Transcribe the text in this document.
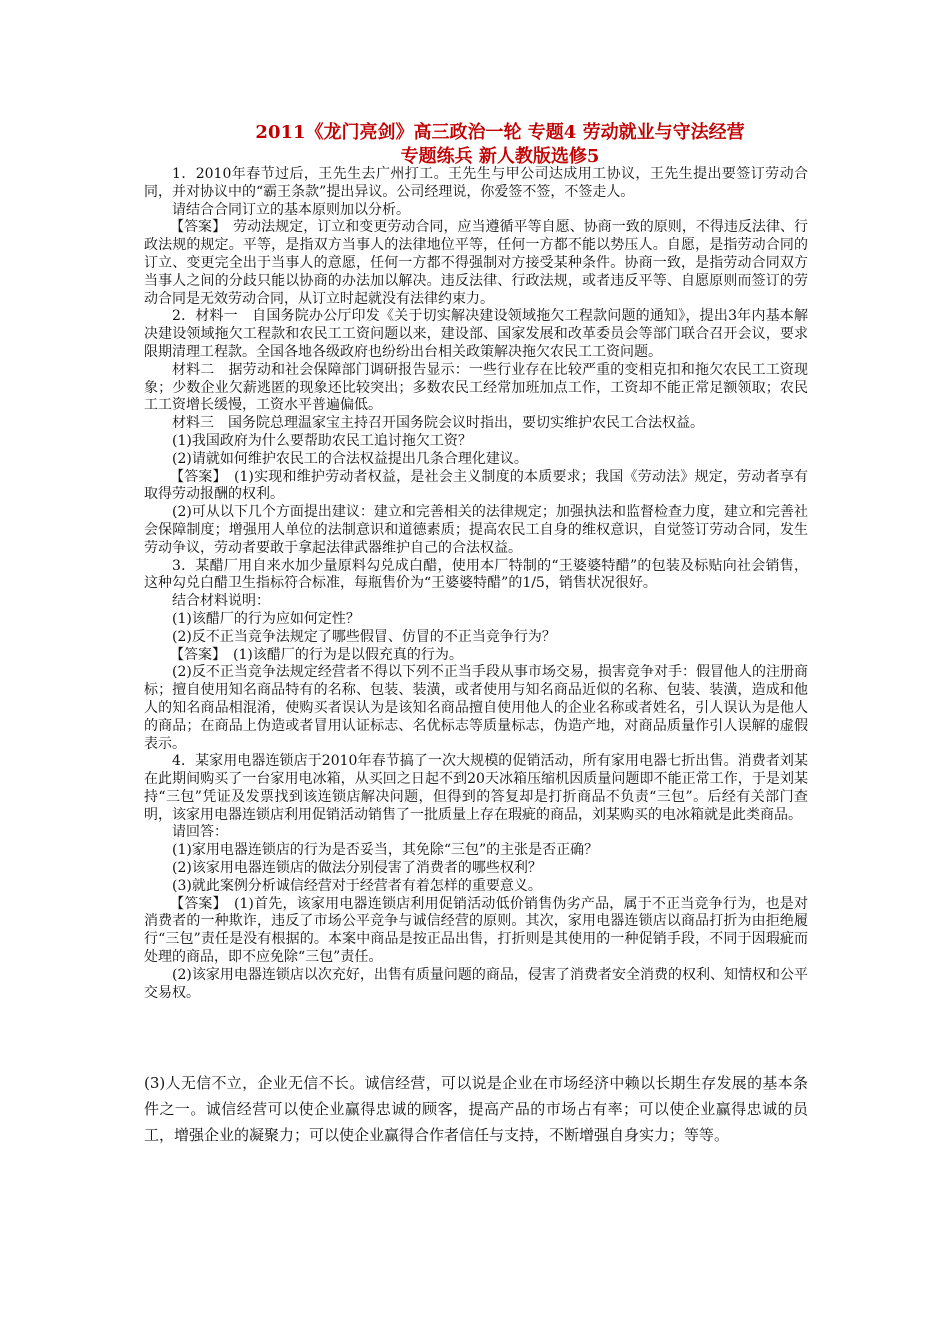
2011《龙门亮剑》高三政治一轮 专题4 劳动就业与守法经营
专题练兵 新人教版选修5

1．2010年春节过后，王先生去广州打工。王先生与甲公司达成用工协议，王先生提出要签订劳动合同，并对协议中的“霸王条款”提出异议。公司经理说，你爱签不签，不签走人。

请结合合同订立的基本原则加以分析。

【答案】　劳动法规定，订立和变更劳动合同，应当遵循平等自愿、协商一致的原则，不得违反法律、行政法规的规定。平等，是指双方当事人的法律地位平等，任何一方都不能以势压人。自愿，是指劳动合同的订立、变更完全出于当事人的意愿，任何一方都不得强制对方接受某种条件。协商一致，是指劳动合同双方当事人之间的分歧只能以协商的办法加以解决。违反法律、行政法规，或者违反平等、自愿原则而签订的劳动合同是无效劳动合同，从订立时起就没有法律约束力。

2．材料一　自国务院办公厅印发《关于切实解决建设领域拖欠工程款问题的通知》，提出3年内基本解决建设领域拖欠工程款和农民工工资问题以来，建设部、国家发展和改革委员会等部门联合召开会议，要求限期清理工程款。全国各地各级政府也纷纷出台相关政策解决拖欠农民工工资问题。

材料二　据劳动和社会保障部门调研报告显示：一些行业存在比较严重的变相克扣和拖欠农民工工资现象；少数企业欠薪逃匿的现象还比较突出；多数农民工经常加班加点工作，工资却不能正常足额领取；农民工工资增长缓慢，工资水平普遍偏低。

材料三　国务院总理温家宝主持召开国务院会议时指出，要切实维护农民工合法权益。

(1)我国政府为什么要帮助农民工追讨拖欠工资？

(2)请就如何维护农民工的合法权益提出几条合理化建议。

【答案】　(1)实现和维护劳动者权益，是社会主义制度的本质要求；我国《劳动法》规定，劳动者享有取得劳动报酬的权利。

(2)可从以下几个方面提出建议：建立和完善相关的法律规定；加强执法和监督检查力度，建立和完善社会保障制度；增强用人单位的法制意识和道德素质；提高农民工自身的维权意识，自觉签订劳动合同，发生劳动争议，劳动者要敢于拿起法律武器维护自己的合法权益。

3．某醋厂用自来水加少量原料勾兑成白醋，使用本厂特制的“王婆婆特醋”的包装及标贴向社会销售，这种勾兑白醋卫生指标符合标准，每瓶售价为“王婆婆特醋”的1/5，销售状况很好。

结合材料说明：

(1)该醋厂的行为应如何定性？

(2)反不正当竞争法规定了哪些假冒、仿冒的不正当竞争行为？

【答案】　(1)该醋厂的行为是以假充真的行为。

(2)反不正当竞争法规定经营者不得以下列不正当手段从事市场交易，损害竞争对手：假冒他人的注册商标；擅自使用知名商品特有的名称、包装、装潢，或者使用与知名商品近似的名称、包装、装潢，造成和他人的知名商品相混淆，使购买者误认为是该知名商品擅自使用他人的企业名称或者姓名，引人误认为是他人的商品；在商品上伪造或者冒用认证标志、名优标志等质量标志，伪造产地，对商品质量作引人误解的虚假表示。

4．某家用电器连锁店于2010年春节搞了一次大规模的促销活动，所有家用电器七折出售。消费者刘某在此期间购买了一台家用电冰箱，从买回之日起不到20天冰箱压缩机因质量问题即不能正常工作，于是刘某持“三包”凭证及发票找到该连锁店解决问题，但得到的答复却是打折商品不负责“三包”。后经有关部门查明，该家用电器连锁店利用促销活动销售了一批质量上存在瑕疵的商品，刘某购买的电冰箱就是此类商品。

请回答：

(1)家用电器连锁店的行为是否妥当，其免除“三包”的主张是否正确？

(2)该家用电器连锁店的做法分别侵害了消费者的哪些权利？

(3)就此案例分析诚信经营对于经营者有着怎样的重要意义。

【答案】　(1)首先，该家用电器连锁店利用促销活动低价销售伪劣产品，属于不正当竞争行为，也是对消费者的一种欺诈，违反了市场公平竞争与诚信经营的原则。其次，家用电器连锁店以商品打折为由拒绝履行“三包”责任是没有根据的。本案中商品是按正品出售，打折则是其使用的一种促销手段，不同于因瑕疵而处理的商品，即不应免除“三包”责任。

(2)该家用电器连锁店以次充好，出售有质量问题的商品，侵害了消费者安全消费的权利、知情权和公平交易权。

(3)人无信不立，企业无信不长。诚信经营，可以说是企业在市场经济中赖以长期生存发展的基本条件之一。诚信经营可以使企业赢得忠诚的顾客，提高产品的市场占有率；可以使企业赢得忠诚的员工，增强企业的凝聚力；可以使企业赢得合作者信任与支持，不断增强自身实力；等等。
